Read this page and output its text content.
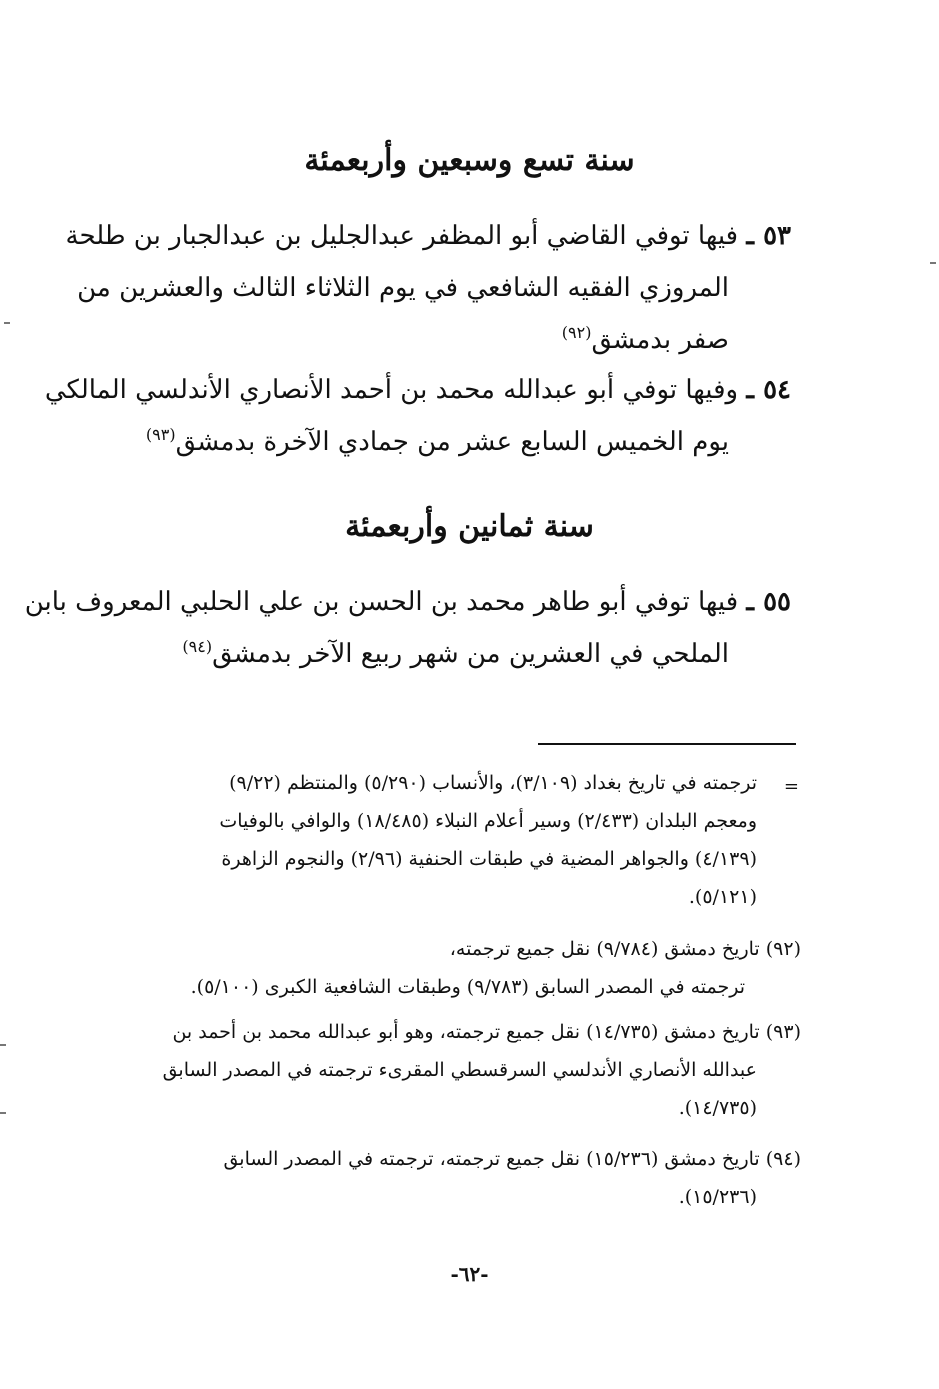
سنة تسع وسبعين وأربعمئة
٥٣ ـ فيها توفي القاضي أبو المظفر عبدالجليل بن عبدالجبار بن طلحة
المروزي الفقيه الشافعي في يوم الثلاثاء الثالث والعشرين من
صفر بدمشق$^{(٩٢)}$
٥٤ ـ وفيها توفي أبو عبدالله محمد بن أحمد الأنصاري الأندلسي المالكي
يوم الخميس السابع عشر من جمادي الآخرة بدمشق$^{(٩٣)}$
سنة ثمانين وأربعمئة
٥٥ ـ فيها توفي أبو طاهر محمد بن الحسن بن علي الحلبي المعروف بابن
الملحي في العشرين من شهر ربيع الآخر بدمشق$^{(٩٤)}$
=
ترجمته في تاريخ بغداد (٣/١٠٩)، والأنساب (٥/٢٩٠) والمنتظم (٩/٢٢)
ومعجم البلدان (٢/٤٣٣) وسير أعلام النبلاء (١٨/٤٨٥) والوافي بالوفيات
(٤/١٣٩) والجواهر المضية في طبقات الحنفية (٢/٩٦) والنجوم الزاهرة
(٥/١٢١).
(٩٢) تاريخ دمشق (٩/٧٨٤) نقل جميع ترجمته،
ترجمته في المصدر السابق (٩/٧٨٣) وطبقات الشافعية الكبرى (٥/١٠٠).
(٩٣) تاريخ دمشق (١٤/٧٣٥) نقل جميع ترجمته، وهو أبو عبدالله محمد بن أحمد بن
عبدالله الأنصاري الأندلسي السرقسطي المقرىء ترجمته في المصدر السابق
(١٤/٧٣٥).
(٩٤) تاريخ دمشق (١٥/٢٣٦) نقل جميع ترجمته، ترجمته في المصدر السابق
(١٥/٢٣٦).
-٦٢-
